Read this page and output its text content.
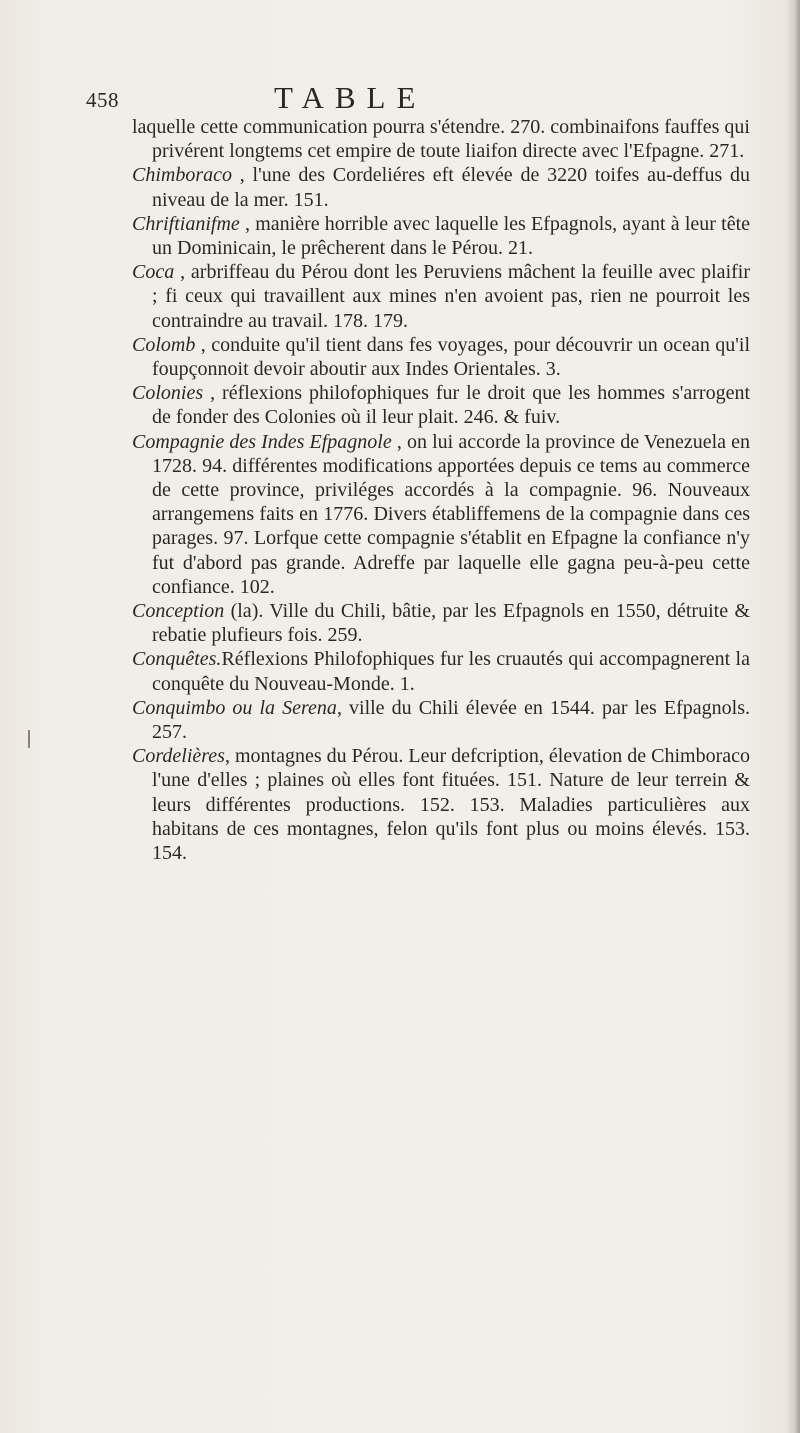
458	TABLE

laquelle cette communication pourra s'étendre. 270. combinaifons fauffes qui privérent longtems cet empire de toute liaifon directe avec l'Efpagne. 271.

Chimboraco , l'une des Cordeliéres eft élevée de 3220 toifes au-deffus du niveau de la mer. 151.

Chriftianifme , manière horrible avec laquelle les Efpagnols, ayant à leur tête un Dominicain, le prêcherent dans le Pérou. 21.

Coca , arbriffeau du Pérou dont les Peruviens mâchent la feuille avec plaifir ; fi ceux qui travaillent aux mines n'en avoient pas, rien ne pourroit les contraindre au travail. 178. 179.

Colomb , conduite qu'il tient dans fes voyages, pour découvrir un ocean qu'il foupçonnoit devoir aboutir aux Indes Orientales. 3.

Colonies , réflexions philofophiques fur le droit que les hommes s'arrogent de fonder des Colonies où il leur plait. 246. & fuiv.

Compagnie des Indes Efpagnole , on lui accorde la province de Venezuela en 1728. 94. différentes modifications apportées depuis ce tems au commerce de cette province, priviléges accordés à la compagnie. 96. Nouveaux arrangemens faits en 1776. Divers établiffemens de la compagnie dans ces parages. 97. Lorfque cette compagnie s'établit en Efpagne la confiance n'y fut d'abord pas grande. Adreffe par laquelle elle gagna peu-à-peu cette confiance. 102.

Conception (la). Ville du Chili, bâtie, par les Efpagnols en 1550, détruite & rebatie plufieurs fois. 259.

Conquêtes.Réflexions Philofophiques fur les cruautés qui accompagnerent la conquête du Nouveau-Monde. 1.

Conquimbo ou la Serena, ville du Chili élevée en 1544. par les Efpagnols. 257.

Cordelières, montagnes du Pérou. Leur defcription, élevation de Chimboraco l'une d'elles ; plaines où elles font fituées. 151. Nature de leur terrein & leurs différentes productions. 152. 153. Maladies particulières aux habitans de ces montagnes, felon qu'ils font plus ou moins élevés. 153. 154.
